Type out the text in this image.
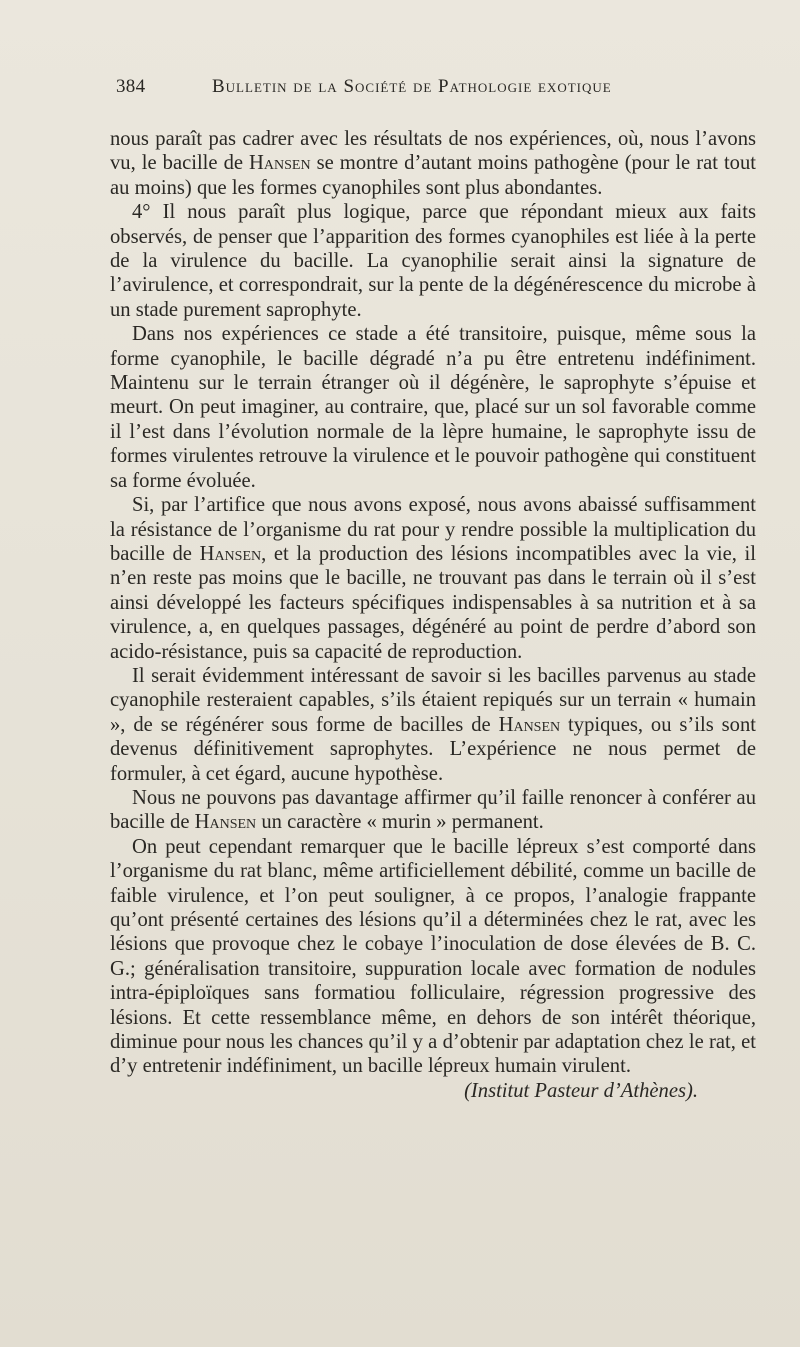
384	Bulletin de la Société de Pathologie exotique

nous paraît pas cadrer avec les résultats de nos expériences, où, nous l’avons vu, le bacille de Hansen se montre d’autant moins pathogène (pour le rat tout au moins) que les formes cyanophiles sont plus abondantes.

4° Il nous paraît plus logique, parce que répondant mieux aux faits observés, de penser que l’apparition des formes cyanophiles est liée à la perte de la virulence du bacille. La cyanophilie serait ainsi la signature de l’avirulence, et correspondrait, sur la pente de la dégénérescence du microbe à un stade purement saprophyte.

Dans nos expériences ce stade a été transitoire, puisque, même sous la forme cyanophile, le bacille dégradé n’a pu être entretenu indéfiniment. Maintenu sur le terrain étranger où il dégénère, le saprophyte s’épuise et meurt. On peut imaginer, au contraire, que, placé sur un sol favorable comme il l’est dans l’évolution normale de la lèpre humaine, le saprophyte issu de formes virulentes retrouve la virulence et le pouvoir pathogène qui constituent sa forme évoluée.

Si, par l’artifice que nous avons exposé, nous avons abaissé suffisamment la résistance de l’organisme du rat pour y rendre possible la multiplication du bacille de Hansen, et la production des lésions incompatibles avec la vie, il n’en reste pas moins que le bacille, ne trouvant pas dans le terrain où il s’est ainsi développé les facteurs spécifiques indispensables à sa nutrition et à sa virulence, a, en quelques passages, dégénéré au point de perdre d’abord son acido-résistance, puis sa capacité de reproduction.

Il serait évidemment intéressant de savoir si les bacilles parvenus au stade cyanophile resteraient capables, s’ils étaient repiqués sur un terrain « humain », de se régénérer sous forme de bacilles de Hansen typiques, ou s’ils sont devenus définitivement saprophytes. L’expérience ne nous permet de formuler, à cet égard, aucune hypothèse.

Nous ne pouvons pas davantage affirmer qu’il faille renoncer à conférer au bacille de Hansen un caractère « murin » permanent.

On peut cependant remarquer que le bacille lépreux s’est comporté dans l’organisme du rat blanc, même artificiellement débilité, comme un bacille de faible virulence, et l’on peut souligner, à ce propos, l’analogie frappante qu’ont présenté certaines des lésions qu’il a déterminées chez le rat, avec les lésions que provoque chez le cobaye l’inoculation de dose élevées de B. C. G.; généralisation transitoire, suppuration locale avec formation de nodules intra-épiploïques sans formatiou folliculaire, régression progressive des lésions. Et cette ressemblance même, en dehors de son intérêt théorique, diminue pour nous les chances qu’il y a d’obtenir par adaptation chez le rat, et d’y entretenir indéfiniment, un bacille lépreux humain virulent.
(Institut Pasteur d’Athènes).
